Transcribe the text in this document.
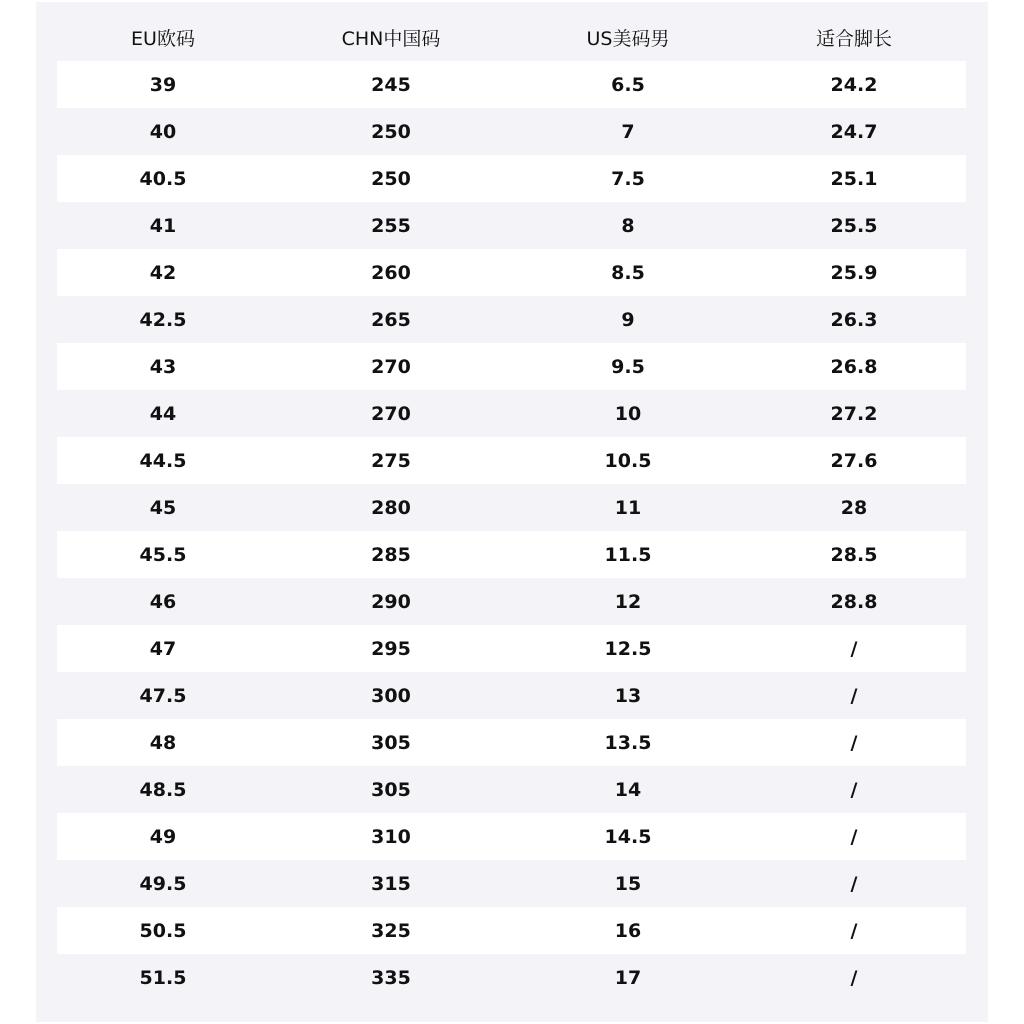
EU欧码	CHN中国码	US美码男	适合脚长
39	245	6.5	24.2
40	250	7	24.7
40.5	250	7.5	25.1
41	255	8	25.5
42	260	8.5	25.9
42.5	265	9	26.3
43	270	9.5	26.8
44	270	10	27.2
44.5	275	10.5	27.6
45	280	11	28
45.5	285	11.5	28.5
46	290	12	28.8
47	295	12.5	/
47.5	300	13	/
48	305	13.5	/
48.5	305	14	/
49	310	14.5	/
49.5	315	15	/
50.5	325	16	/
51.5	335	17	/
